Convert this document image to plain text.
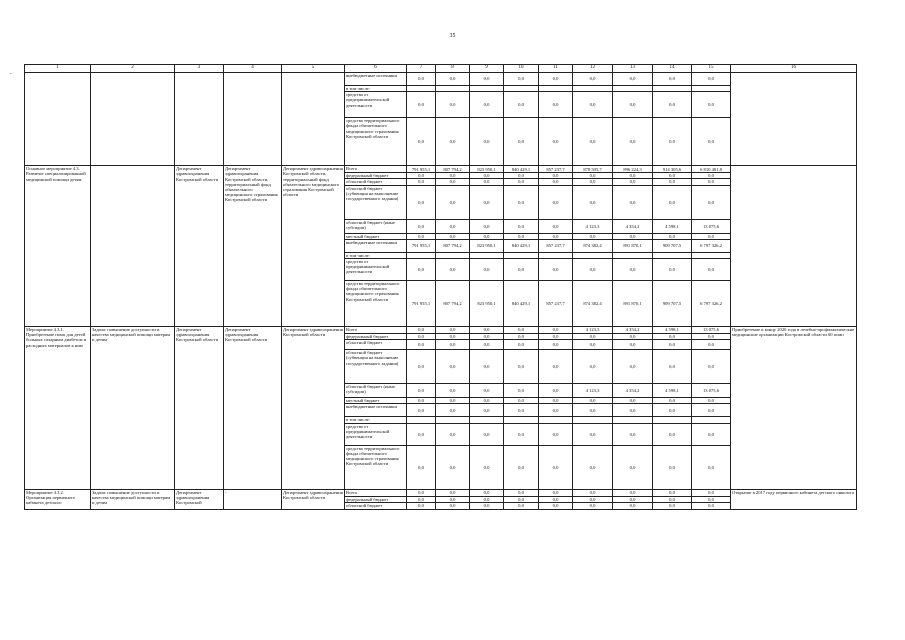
35
.
1	2	3	4	5	6	7	8	9	10	11	12	13	14	15	16
					внебюджетные источники	0,0	0,0	0,0	0,0	0,0	0,0	0,0	0,0	0,0	
					в том числе:										
					средства от предпринимательской деятельности	0,0	0,0	0,0	0,0	0,0	0,0	0,0	0,0	0,0	
					средства территориального фонда обязательного медицинского страхования Костромской области	0,0	0,0	0,0	0,0	0,0	0,0	0,0	0,0	0,0	
Основное мероприятие 4.3. Развитие специализированной медицинской помощи детям		Департамент здравоохранения Костромской области	Департамент здравоохранения Костромской области, территориальный фонд обязательного медицинского страхования Костромской области	Департамент здравоохранения Костромской области, территориальный фонд обязательного медицинского страхования Костромской области	Всего	791 955,1	807 794,2	823 950,1	840 429,1	857 237,7	878 505,7	896 224,3	914 305,6	6 810 401,8	
					федеральный бюджет	0,0	0,0	0,0	0,0	0,0	0,0	0,0	0,0	0,0	
					областной бюджет	0,0	0,0	0,0	0,0	0,0	0,0	0,0	0,0	0,0	
					областной бюджет (субвенция на выполнение государственного задания)	0,0	0,0	0,0	0,0	0,0	0,0	0,0	0,0	0,0	
					областной бюджет (иные субсидии)	0,0	0,0	0,0	0,0	0,0	4 123,3	4 354,2	4 598,1	13 075,6	
					местный бюджет	0,0	0,0	0,0	0,0	0,0	0,0	0,0	0,0	0,0	
					внебюджетные источники	791 955,1	807 794,2	823 950,1	840 429,1	857 237,7	874 382,4	891 870,1	909 707,5	6 797 326,2	
					в том числе:										
					средства от предпринимательской деятельности	0,0	0,0	0,0	0,0	0,0	0,0	0,0	0,0	0,0	
					средства территориального фонда обязательного медицинского страхования Костромской области	791 955,1	807 794,2	823 950,1	840 429,1	857 237,7	874 382,4	891 870,1	909 707,5	6 797 326,2	
Мероприятие 4.3.1. Приобретение помп для детей больных сахарным диабетом и расходных материалов к ним	Задача: повышение доступности и качества медицинской помощи матерям и детям	Департамент здравоохранения Костромской области	Департамент здравоохранения Костромской области	Департамент здравоохранения Костромской области	Всего	0,0	0,0	0,0	0,0	0,0	4 123,3	4 354,2	4 598,1	13 075,6	Приобретение к концу 2020 года в лечебно-профилактические медицинские организации Костромской области 60 помп
					федеральный бюджет	0,0	0,0	0,0	0,0	0,0	0,0	0,0	0,0	0,0	
					областной бюджет	0,0	0,0	0,0	0,0	0,0	0,0	0,0	0,0	0,0	
					областной бюджет (субвенция на выполнение государственного задания)	0,0	0,0	0,0	0,0	0,0	0,0	0,0	0,0	0,0	
					областной бюджет (иные субсидии)	0,0	0,0	0,0	0,0	0,0	4 123,3	4 354,2	4 598,1	13 075,6	
					местный бюджет	0,0	0,0	0,0	0,0	0,0	0,0	0,0	0,0	0,0	
					внебюджетные источники	0,0	0,0	0,0	0,0	0,0	0,0	0,0	0,0	0,0	
					в том числе:										
					средства от предпринимательской деятельности	0,0	0,0	0,0	0,0	0,0	0,0	0,0	0,0	0,0	
					средства территориального фонда обязательного медицинского страхования Костромской области	0,0	0,0	0,0	0,0	0,0	0,0	0,0	0,0	0,0	
Мероприятие 4.3.2. Организация первичного кабинета детского	Задача: повышение доступности и качества медицинской помощи матерям и детям	Департамент здравоохранения Костромской	-	Департамент здравоохранения Костромской области	Всего	0,0	0,0	0,0	0,0	0,0	0,0	0,0	0,0	0,0	Открытие в 2017 году первичного кабинета детского онколога
					федеральный бюджет	0,0	0,0	0,0	0,0	0,0	0,0	0,0	0,0	0,0	
					областной бюджет	0,0	0,0	0,0	0,0	0,0	0,0	0,0	0,0	0,0	
